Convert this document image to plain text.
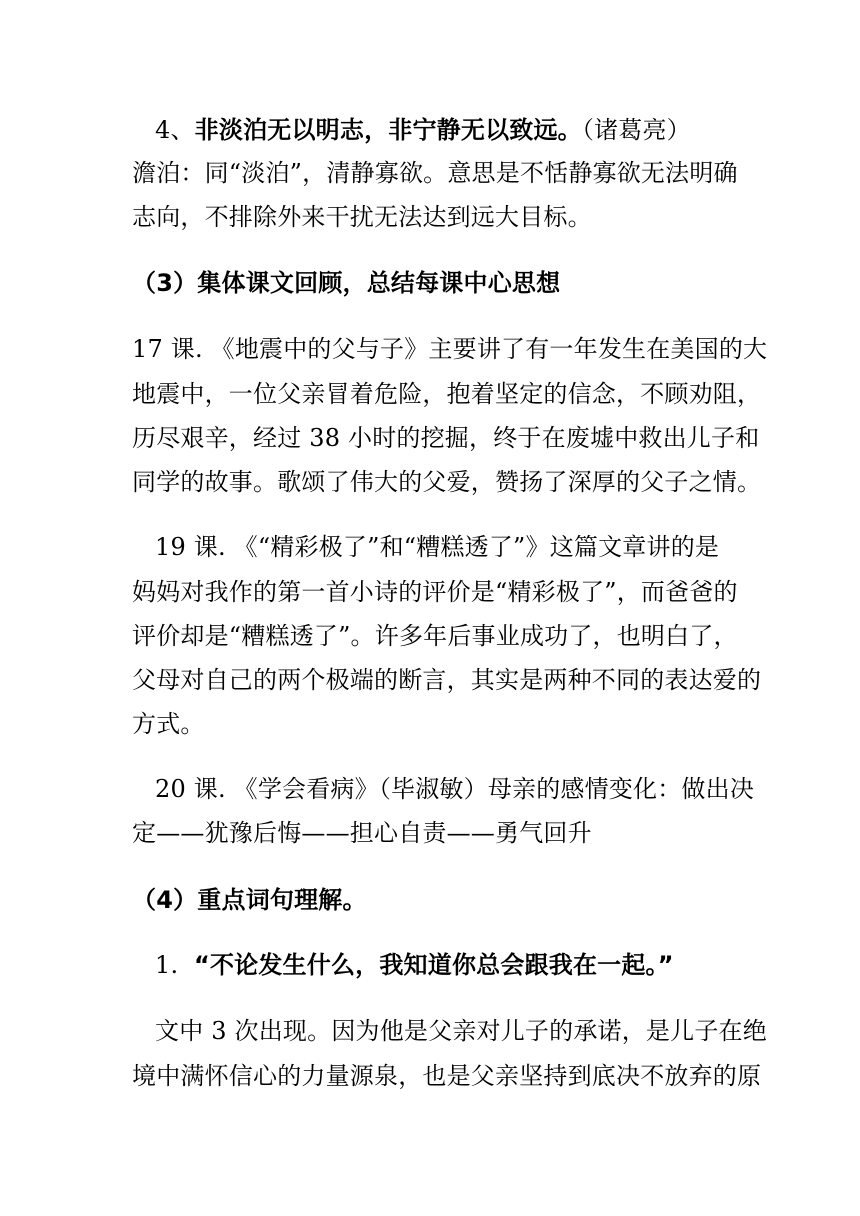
4、非淡泊无以明志，非宁静无以致远。（诸葛亮）
澹泊：同“淡泊”，清静寡欲。意思是不恬静寡欲无法明确
志向，不排除外来干扰无法达到远大目标。
（3）集体课文回顾，总结每课中心思想
17 课. 《地震中的父与子》主要讲了有一年发生在美国的大
地震中，一位父亲冒着危险，抱着坚定的信念，不顾劝阻，
历尽艰辛，经过 38 小时的挖掘，终于在废墟中救出儿子和
同学的故事。歌颂了伟大的父爱，赞扬了深厚的父子之情。
19 课. 《“精彩极了”和“糟糕透了”》这篇文章讲的是
妈妈对我作的第一首小诗的评价是“精彩极了”，而爸爸的
评价却是“糟糕透了”。许多年后事业成功了，也明白了，
父母对自己的两个极端的断言，其实是两种不同的表达爱的
方式。
20 课. 《学会看病》（毕淑敏）母亲的感情变化：做出决
定——犹豫后悔——担心自责——勇气回升
（4）重点词句理解。
1. “不论发生什么，我知道你总会跟我在一起。”
文中 3 次出现。因为他是父亲对儿子的承诺，是儿子在绝
境中满怀信心的力量源泉，也是父亲坚持到底决不放弃的原
